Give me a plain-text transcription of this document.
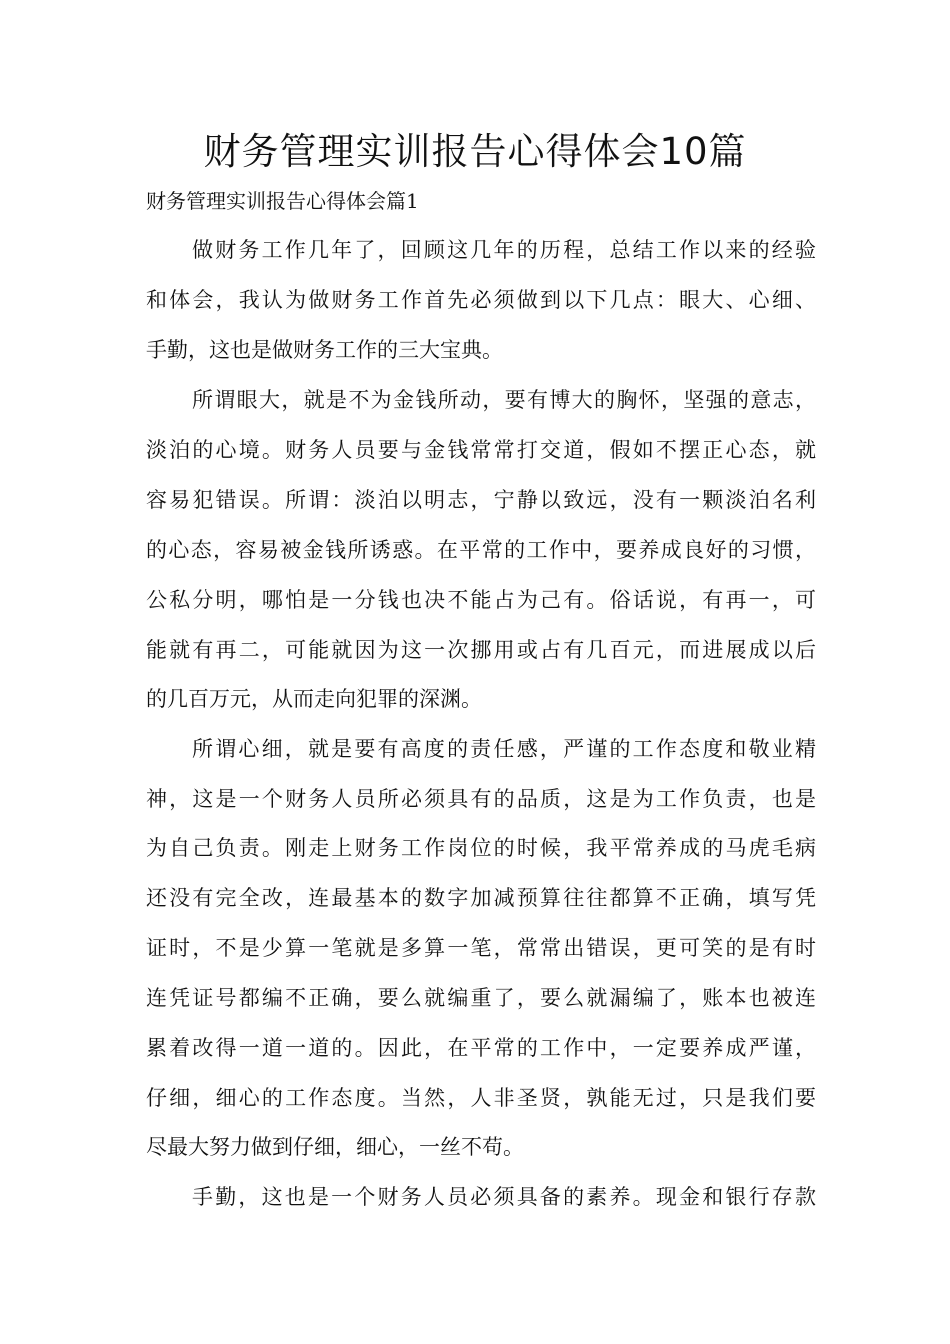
财务管理实训报告心得体会10篇
财务管理实训报告心得体会篇1

做财务工作几年了，回顾这几年的历程，总结工作以来的经验

和体会，我认为做财务工作首先必须做到以下几点：眼大、心细、

手勤，这也是做财务工作的三大宝典。

所谓眼大，就是不为金钱所动，要有博大的胸怀，坚强的意志，

淡泊的心境。财务人员要与金钱常常打交道，假如不摆正心态，就

容易犯错误。所谓：淡泊以明志，宁静以致远，没有一颗淡泊名利

的心态，容易被金钱所诱惑。在平常的工作中，要养成良好的习惯，

公私分明，哪怕是一分钱也决不能占为己有。俗话说，有再一，可

能就有再二，可能就因为这一次挪用或占有几百元，而进展成以后

的几百万元，从而走向犯罪的深渊。

所谓心细，就是要有高度的责任感，严谨的工作态度和敬业精

神，这是一个财务人员所必须具有的品质，这是为工作负责，也是

为自己负责。刚走上财务工作岗位的时候，我平常养成的马虎毛病

还没有完全改，连最基本的数字加减预算往往都算不正确，填写凭

证时，不是少算一笔就是多算一笔，常常出错误，更可笑的是有时

连凭证号都编不正确，要么就编重了，要么就漏编了，账本也被连

累着改得一道一道的。因此，在平常的工作中，一定要养成严谨，

仔细，细心的工作态度。当然，人非圣贤，孰能无过，只是我们要

尽最大努力做到仔细，细心，一丝不苟。

手勤，这也是一个财务人员必须具备的素养。现金和银行存款
